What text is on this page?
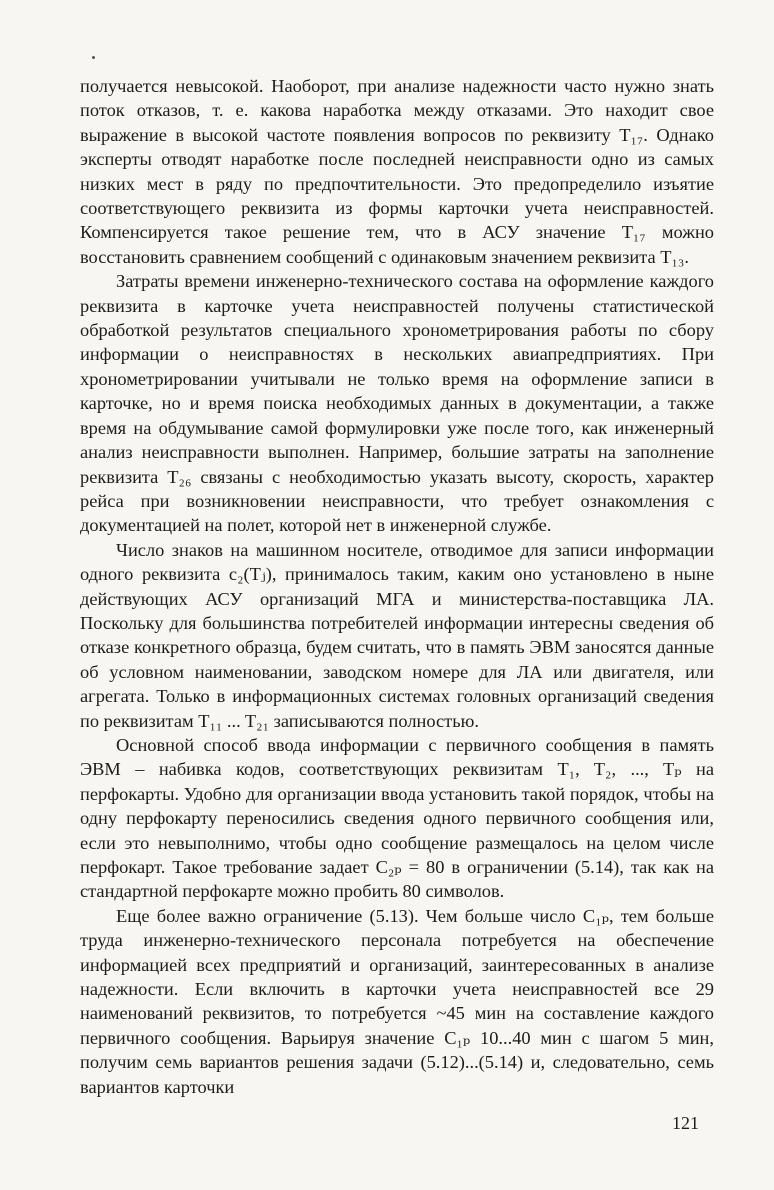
получается невысокой. Наоборот, при анализе надежности часто нужно знать поток отказов, т. е. какова наработка между отказами. Это находит свое выражение в высокой частоте появления вопросов по реквизиту T₁₇. Однако эксперты отводят наработке после последней неисправности одно из самых низких мест в ряду по предпочтительности. Это предопределило изъятие соответствующего реквизита из формы карточки учета неисправностей. Компенсируется такое решение тем, что в АСУ значение T₁₇ можно восстановить сравнением сообщений с одинаковым значением реквизита T₁₃.

Затраты времени инженерно-технического состава на оформление каждого реквизита в карточке учета неисправностей получены статистической обработкой результатов специального хронометрирования работы по сбору информации о неисправностях в нескольких авиапредприятиях. При хронометрировании учитывали не только время на оформление записи в карточке, но и время поиска необходимых данных в документации, а также время на обдумывание самой формулировки уже после того, как инженерный анализ неисправности выполнен. Например, большие затраты на заполнение реквизита T₂₆ связаны с необходимостью указать высоту, скорость, характер рейса при возникновении неисправности, что требует ознакомления с документацией на полет, которой нет в инженерной службе.

Число знаков на машинном носителе, отводимое для записи информации одного реквизита c₂(Tⱼ), принималось таким, каким оно установлено в ныне действующих АСУ организаций МГА и министерства-поставщика ЛА. Поскольку для большинства потребителей информации интересны сведения об отказе конкретного образца, будем считать, что в память ЭВМ заносятся данные об условном наименовании, заводском номере для ЛА или двигателя, или агрегата. Только в информационных системах головных организаций сведения по реквизитам T₁₁ ... T₂₁ записываются полностью.

Основной способ ввода информации с первичного сообщения в память ЭВМ – набивка кодов, соответствующих реквизитам T₁, T₂, ..., Tₚ на перфокарты. Удобно для организации ввода установить такой порядок, чтобы на одну перфокарту переносились сведения одного первичного сообщения или, если это невыполнимо, чтобы одно сообщение размещалось на целом числе перфокарт. Такое требование задает C₂ₚ = 80 в ограничении (5.14), так как на стандартной перфокарте можно пробить 80 символов.

Еще более важно ограничение (5.13). Чем больше число C₁ₚ, тем больше труда инженерно-технического персонала потребуется на обеспечение информацией всех предприятий и организаций, заинтересованных в анализе надежности. Если включить в карточки учета неисправностей все 29 наименований реквизитов, то потребуется ~45 мин на составление каждого первичного сообщения. Варьируя значение C₁ₚ 10...40 мин с шагом 5 мин, получим семь вариантов решения задачи (5.12)...(5.14) и, следовательно, семь вариантов карточки

121
